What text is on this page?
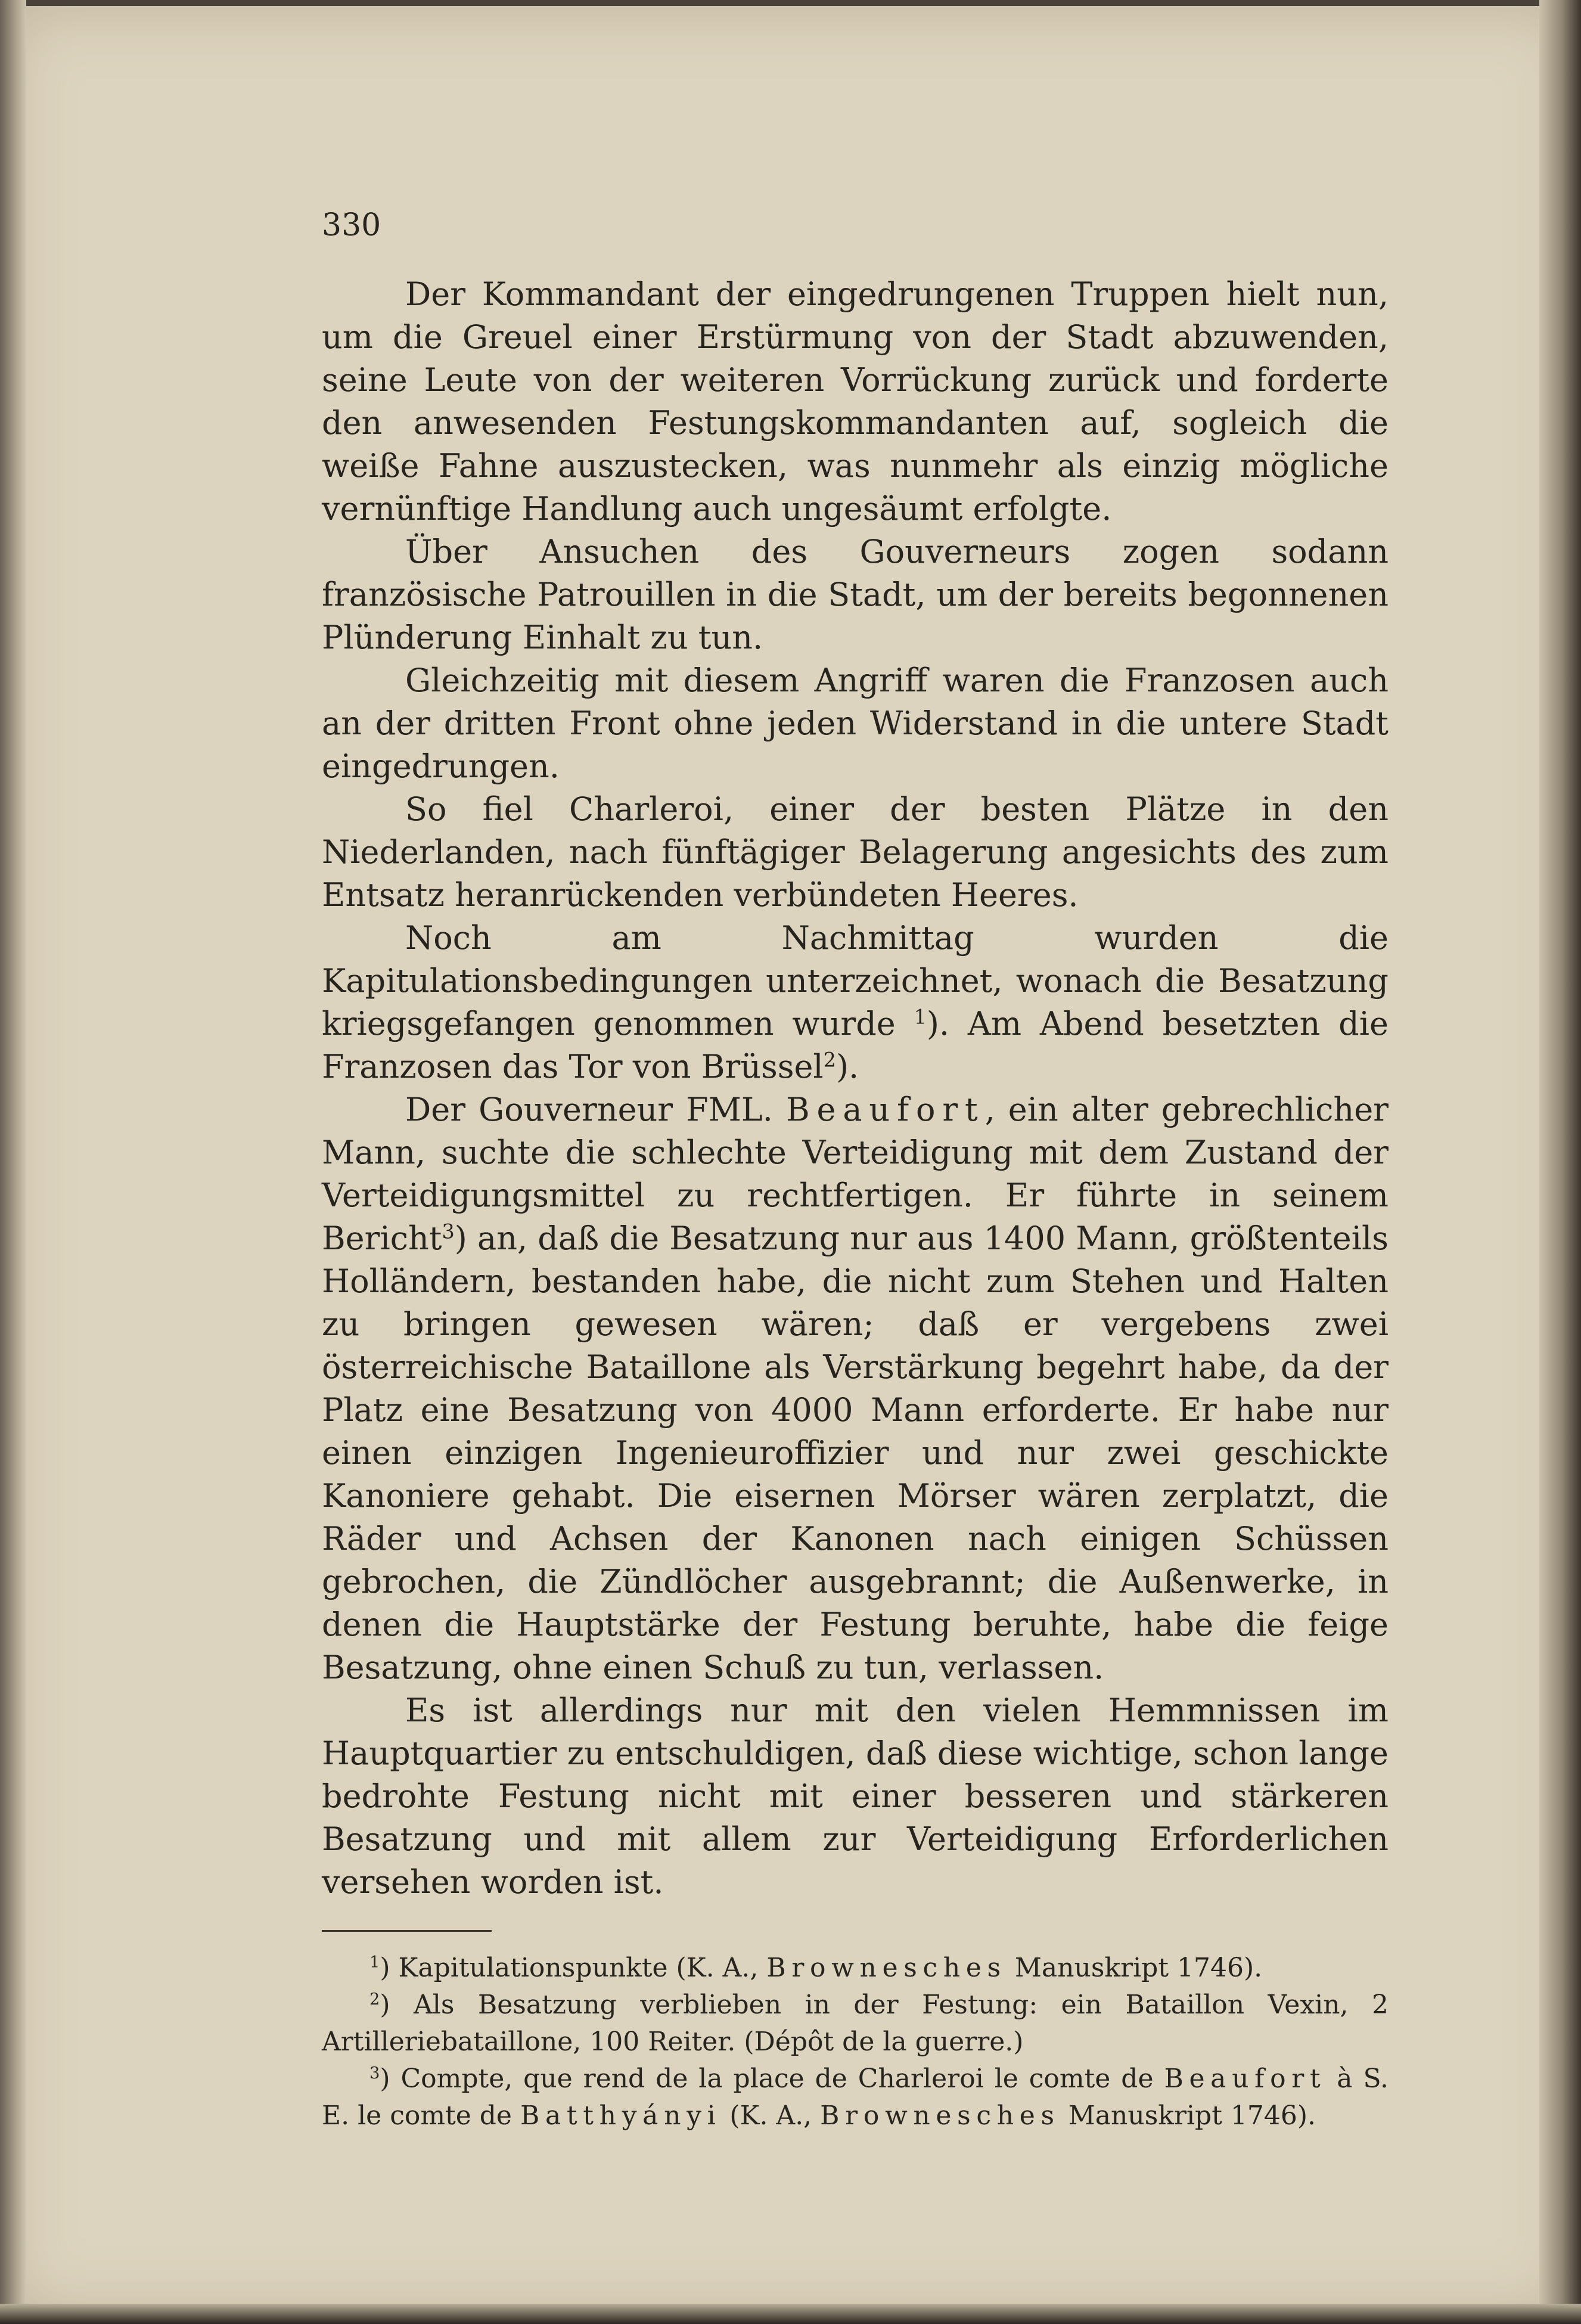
330

Der Kommandant der eingedrungenen Truppen hielt nun, um die Greuel einer Erstürmung von der Stadt abzuwenden, seine Leute von der weiteren Vorrückung zurück und forderte den anwesenden Festungskommandanten auf, sogleich die weiße Fahne auszustecken, was nunmehr als einzig mögliche vernünftige Handlung auch ungesäumt erfolgte.

Über Ansuchen des Gouverneurs zogen sodann französische Patrouillen in die Stadt, um der bereits begonnenen Plünderung Einhalt zu tun.

Gleichzeitig mit diesem Angriff waren die Franzosen auch an der dritten Front ohne jeden Widerstand in die untere Stadt eingedrungen.

So fiel Charleroi, einer der besten Plätze in den Niederlanden, nach fünftägiger Belagerung angesichts des zum Entsatz heranrückenden verbündeten Heeres.

Noch am Nachmittag wurden die Kapitulationsbedingungen unterzeichnet, wonach die Besatzung kriegsgefangen genommen wurde $^1$). Am Abend besetzten die Franzosen das Tor von Brüssel$^2$).

Der Gouverneur FML. Beaufort, ein alter gebrechlicher Mann, suchte die schlechte Verteidigung mit dem Zustand der Verteidigungsmittel zu rechtfertigen. Er führte in seinem Bericht$^3$) an, daß die Besatzung nur aus 1400 Mann, größtenteils Holländern, bestanden habe, die nicht zum Stehen und Halten zu bringen gewesen wären; daß er vergebens zwei österreichische Bataillone als Verstärkung begehrt habe, da der Platz eine Besatzung von 4000 Mann erforderte. Er habe nur einen einzigen Ingenieuroffizier und nur zwei geschickte Kanoniere gehabt. Die eisernen Mörser wären zerplatzt, die Räder und Achsen der Kanonen nach einigen Schüssen gebrochen, die Zündlöcher ausgebrannt; die Außenwerke, in denen die Hauptstärke der Festung beruhte, habe die feige Besatzung, ohne einen Schuß zu tun, verlassen.

Es ist allerdings nur mit den vielen Hemmnissen im Hauptquartier zu entschuldigen, daß diese wichtige, schon lange bedrohte Festung nicht mit einer besseren und stärkeren Besatzung und mit allem zur Verteidigung Erforderlichen versehen worden ist.

$^1$) Kapitulationspunkte (K. A., Brownesches Manuskript 1746).

$^2$) Als Besatzung verblieben in der Festung: ein Bataillon Vexin, 2 Artilleriebataillone, 100 Reiter. (Dépôt de la guerre.)

$^3$) Compte, que rend de la place de Charleroi le comte de Beaufort à S. E. le comte de Batthyányi (K. A., Brownesches Manuskript 1746).
